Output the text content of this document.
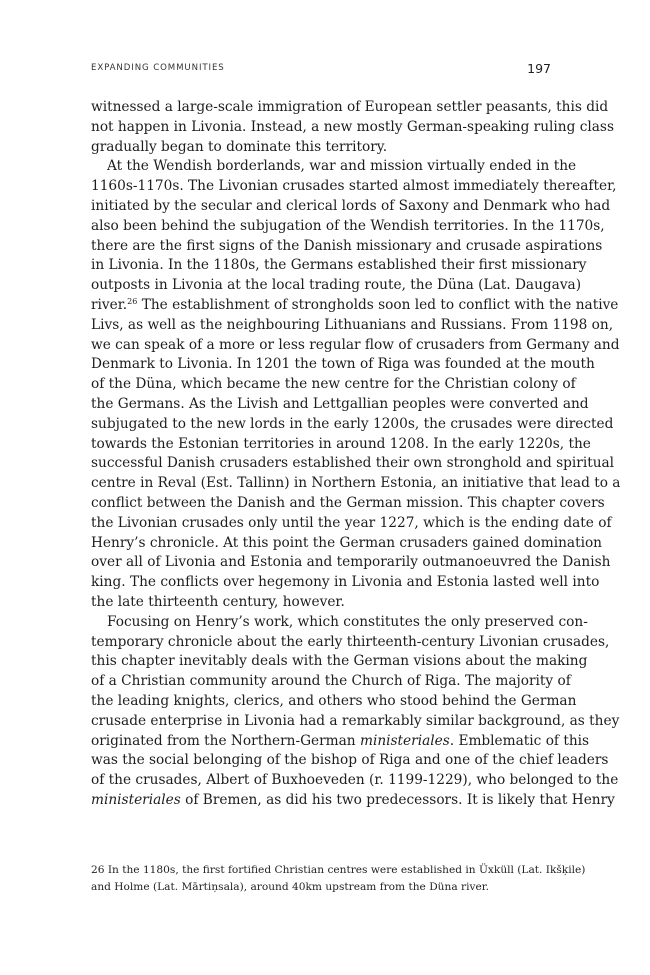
EXPANDING COMMUNITIES	197
witnessed a large-scale immigration of European settler peasants, this did
not happen in Livonia. Instead, a new mostly German-speaking ruling class
gradually began to dominate this territory.
At the Wendish borderlands, war and mission virtually ended in the
1160s-1170s. The Livonian crusades started almost immediately thereafter,
initiated by the secular and clerical lords of Saxony and Denmark who had
also been behind the subjugation of the Wendish territories. In the 1170s,
there are the first signs of the Danish missionary and crusade aspirations
in Livonia. In the 1180s, the Germans established their first missionary
outposts in Livonia at the local trading route, the Düna (Lat. Daugava)
river.$^{26}$ The establishment of strongholds soon led to conflict with the native
Livs, as well as the neighbouring Lithuanians and Russians. From 1198 on,
we can speak of a more or less regular flow of crusaders from Germany and
Denmark to Livonia. In 1201 the town of Riga was founded at the mouth
of the Düna, which became the new centre for the Christian colony of
the Germans. As the Livish and Lettgallian peoples were converted and
subjugated to the new lords in the early 1200s, the crusades were directed
towards the Estonian territories in around 1208. In the early 1220s, the
successful Danish crusaders established their own stronghold and spiritual
centre in Reval (Est. Tallinn) in Northern Estonia, an initiative that lead to a
conflict between the Danish and the German mission. This chapter covers
the Livonian crusades only until the year 1227, which is the ending date of
Henry’s chronicle. At this point the German crusaders gained domination
over all of Livonia and Estonia and temporarily outmanoeuvred the Danish
king. The conflicts over hegemony in Livonia and Estonia lasted well into
the late thirteenth century, however.
Focusing on Henry’s work, which constitutes the only preserved con-
temporary chronicle about the early thirteenth-century Livonian crusades,
this chapter inevitably deals with the German visions about the making
of a Christian community around the Church of Riga. The majority of
the leading knights, clerics, and others who stood behind the German
crusade enterprise in Livonia had a remarkably similar background, as they
originated from the Northern-German ministeriales. Emblematic of this
was the social belonging of the bishop of Riga and one of the chief leaders
of the crusades, Albert of Buxhoeveden (r. 1199-1229), who belonged to the
ministeriales of Bremen, as did his two predecessors. It is likely that Henry
26 In the 1180s, the first fortified Christian centres were established in Üxküll (Lat. Ikšķile)
and Holme (Lat. Mārtiņsala), around 40km upstream from the Düna river.
